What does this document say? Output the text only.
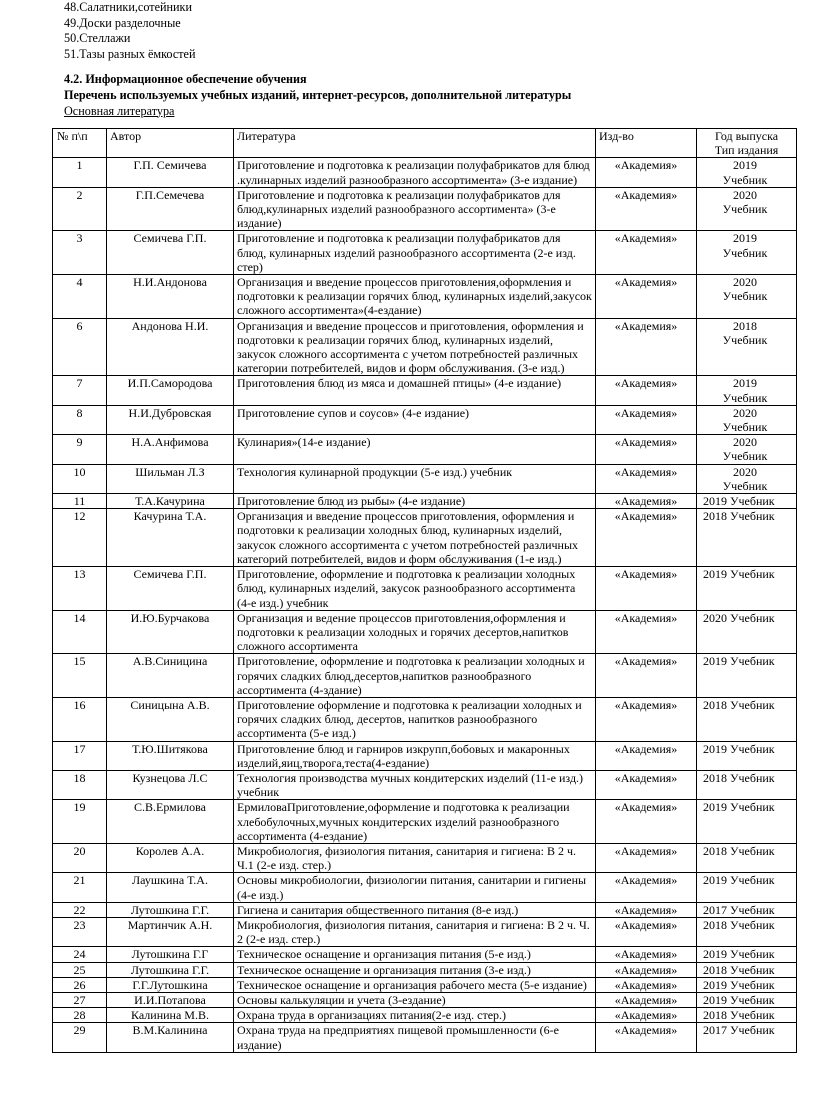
48.Салатники,сотейники
49.Доски разделочные
50.Стеллажи
51.Тазы разных ёмкостей
4.2. Информационное обеспечение обучения
Перечень используемых учебных изданий, интернет-ресурсов, дополнительной литературы
Основная литература
№ п\п	Автор	Литература	Изд-во	Год выпуска
Тип издания
1	Г.П. Семичева	Приготовление и подготовка к реализации полуфабрикатов для блюд .кулинарных изделий разнообразного ассортимента» (3-е издание)	«Академия»	2019
Учебник

2	Г.П.Семечева	Приготовление и подготовка к реализации полуфабрикатов для блюд,кулинарных изделий разнообразного ассортимента» (3-е издание)	«Академия»	2020
Учебник

3	Семичева Г.П.	Приготовление и подготовка к реализации полуфабрикатов для блюд, кулинарных изделий разнообразного ассортимента (2-е изд. стер)	«Академия»	2019
Учебник

4	Н.И.Андонова	Организация и введение процессов приготовления,оформления и подготовки к реализации горячих блюд, кулинарных изделий,закусок сложного ассортимента»(4-ездание)	«Академия»	2020
Учебник

6	Андонова Н.И.	Организация и введение процессов и приготовления, оформления и подготовки к реализации горячих блюд, кулинарных изделий, закусок сложного ассортимента с учетом потребностей различных категории потребителей, видов и форм обслуживания. (3-е изд.)	«Академия»	2018
Учебник

7	И.П.Самородова	Приготовления блюд из мяса и домашней птицы» (4-е издание)	«Академия»	2019
Учебник

8	Н.И.Дубровская	Приготовление супов и соусов» (4-е издание)	«Академия»	2020
Учебник

9	Н.А.Анфимова	Кулинария»(14-е издание)	«Академия»	2020
Учебник

10	Шильман Л.З	Технология кулинарной продукции (5-е изд.) учебник	«Академия»	2020
Учебник

11	Т.А.Качурина	Приготовление блюд из рыбы» (4-е издание)	«Академия»	2019 Учебник
12	Качурина Т.А.	Организация и введение процессов приготовления, оформления и подготовки к реализации холодных блюд, кулинарных изделий, закусок сложного ассортимента с учетом потребностей различных категорий потребителей, видов и форм обслуживания (1-е изд.)	«Академия»	2018 Учебник
13	Семичева Г.П.	Приготовление, оформление и подготовка к реализации холодных блюд, кулинарных изделий, закусок разнообразного ассортимента (4-е изд.) учебник	«Академия»	2019 Учебник
14	И.Ю.Бурчакова	Организация и ведение процессов приготовления,оформления и подготовки к реализации холодных и горячих десертов,напитков сложного ассортимента	«Академия»	2020 Учебник
15	А.В.Синицина	Приготовление, оформление и подготовка к реализации холодных и горячих сладких блюд,десертов,напитков разнообразного ассортимента (4-здание)	«Академия»	2019 Учебник
16	Синицына А.В.	Приготовление оформление и подготовка к реализации холодных и горячих сладких блюд, десертов, напитков разнообразного ассортимента (5-е изд.)	«Академия»	2018 Учебник
17	Т.Ю.Шитякова	Приготовление блюд и гарниров изкрупп,бобовых и макаронных изделий,яиц,творога,теста(4-ездание)	«Академия»	2019 Учебник
18	Кузнецова Л.С	Технология производства мучных кондитерских изделий (11-е изд.) учебник	«Академия»	2018 Учебник
19	С.В.Ермилова	ЕрмиловаПриготовление,оформление и подготовка к реализации хлебобулочных,мучных кондитерских изделий разнообразного ассортимента (4-ездание)	«Академия»	2019 Учебник
20	Королев А.А.	Микробиология, физиология питания, санитария и гигиена: В 2 ч. Ч.1 (2-е изд. стер.)	«Академия»	2018 Учебник
21	Лаушкина Т.А.	Основы микробиологии, физиологии питания, санитарии и гигиены (4-е изд.)	«Академия»	2019 Учебник
22	Лутошкина Г.Г.	Гигиена и санитария общественного питания (8-е изд.)	«Академия»	2017 Учебник
23	Мартинчик А.Н.	Микробиология, физиология питания, санитария и гигиена: В 2 ч. Ч. 2 (2-е изд. стер.)	«Академия»	2018 Учебник
24	Лутошкина Г.Г	Техническое оснащение и организация питания (5-е изд.)	«Академия»	2019 Учебник
25	Лутошкина Г.Г.	Техническое оснащение и организация питания (3-е изд.)	«Академия»	2018 Учебник
26	Г.Г.Лутошкина	Техническое оснащение и организация рабочего места (5-е издание)	«Академия»	2019 Учебник
27	И.И.Потапова	Основы калькуляции и учета (3-ездание)	«Академия»	2019 Учебник
28	Калинина М.В.	Охрана труда в организациях питания(2-е изд. стер.)	«Академия»	2018 Учебник
29	В.М.Калинина	Охрана труда на предприятиях пищевой промышленности (6-е издание)	«Академия»	2017 Учебник
